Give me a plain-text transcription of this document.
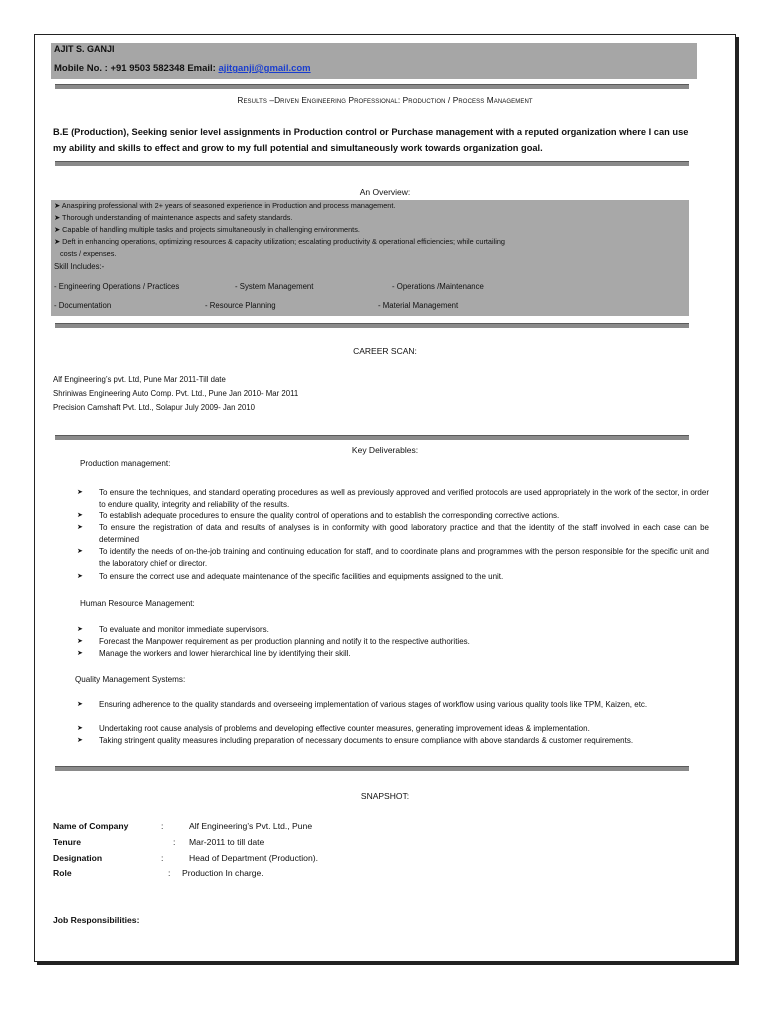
AJIT S. GANJI
Mobile No. : +91 9503 582348 Email: ajitganji@gmail.com
Results –Driven Engineering Professional: Production / Process Management
B.E (Production), Seeking senior level assignments in Production control or Purchase management with a reputed organization where I can use my ability and skills to effect and grow to my full potential and simultaneously work towards organization goal.
An Overview:
➤ Anaspiring professional with 2+ years of seasoned experience in Production and process management.
➤ Thorough understanding of maintenance aspects and safety standards.
➤ Capable of handling multiple tasks and projects simultaneously in challenging environments.
➤ Deft in enhancing operations, optimizing resources & capacity utilization; escalating productivity & operational efficiencies; while curtailing
costs / expenses.
Skill Includes:-
- Engineering Operations / Practices	- System Management	- Operations /Maintenance
- Documentation	- Resource Planning	- Material Management
CAREER SCAN:
Alf Engineering’s pvt. Ltd, Pune Mar 2011-Till date
Shriniwas Engineering Auto Comp. Pvt. Ltd., Pune Jan 2010- Mar 2011
Precision Camshaft Pvt. Ltd., Solapur July 2009- Jan 2010
Key Deliverables:
Production management:
➤ To ensure the techniques, and standard operating procedures as well as previously approved and verified protocols are used appropriately in the work of the sector, in order to endure quality, integrity and reliability of the results.
➤ To establish adequate procedures to ensure the quality control of operations and to establish the corresponding corrective actions.
➤ To ensure the registration of data and results of analyses is in conformity with good laboratory practice and that the identity of the staff involved in each case can be determined
➤ To identify the needs of on-the-job training and continuing education for staff, and to coordinate plans and programmes with the person responsible for the specific unit and the laboratory chief or director.
➤ To ensure the correct use and adequate maintenance of the specific facilities and equipments assigned to the unit.
Human Resource Management:
➤ To evaluate and monitor immediate supervisors.
➤ Forecast the Manpower requirement as per production planning and notify it to the respective authorities.
➤ Manage the workers and lower hierarchical line by identifying their skill.
Quality Management Systems:
➤ Ensuring adherence to the quality standards and overseeing implementation of various stages of workflow using various quality tools like TPM, Kaizen, etc.
➤ Undertaking root cause analysis of problems and developing effective counter measures, generating improvement ideas & implementation.
➤ Taking stringent quality measures including preparation of necessary documents to ensure compliance with above standards & customer requirements.
SNAPSHOT:
Name of Company	:	Alf Engineering’s Pvt. Ltd., Pune
Tenure	: Mar-2011 to till date
Designation	:	Head of Department (Production).
Role	: Production In charge.
Job Responsibilities:
